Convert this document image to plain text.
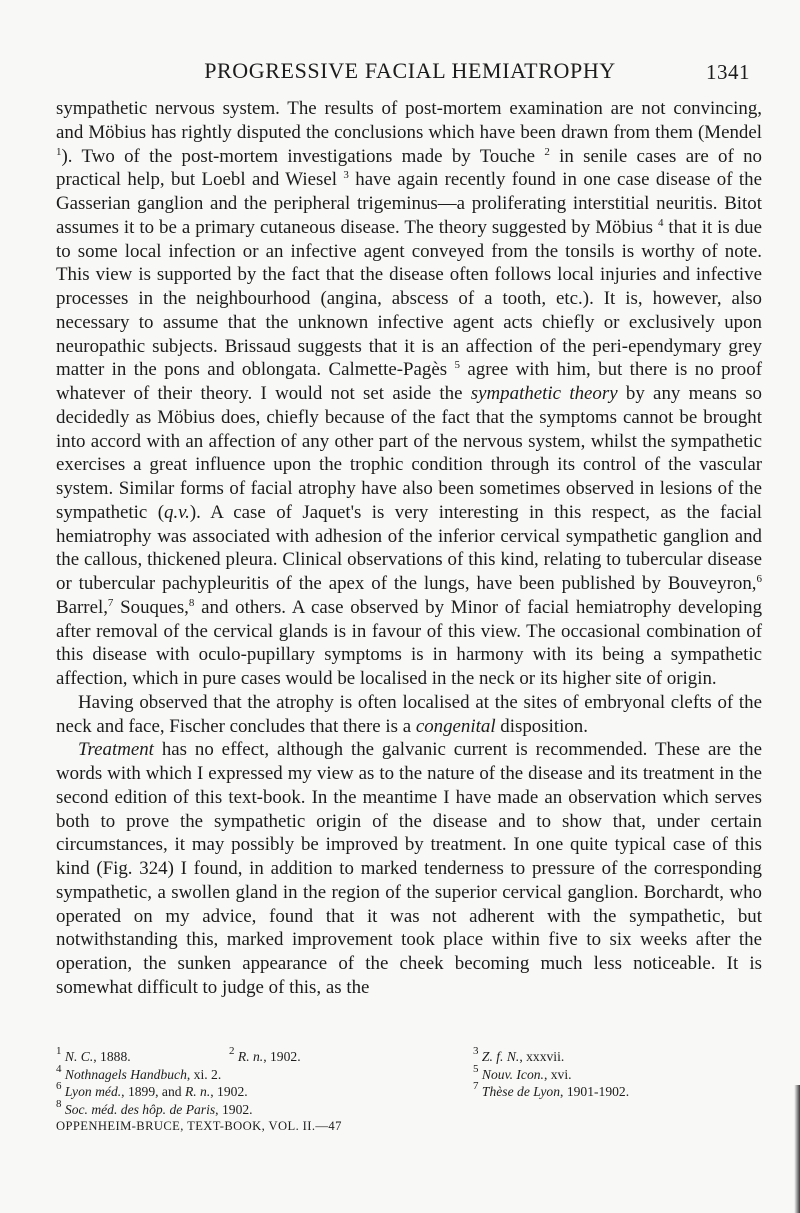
PROGRESSIVE FACIAL HEMIATROPHY	1341

sympathetic nervous system. The results of post-mortem examination are not convincing, and Möbius has rightly disputed the conclusions which have been drawn from them (Mendel $^1$). Two of the post-mortem investigations made by Touche $^2$ in senile cases are of no practical help, but Loebl and Wiesel $^3$ have again recently found in one case disease of the Gasserian ganglion and the peripheral trigeminus—a proliferating interstitial neuritis. Bitot assumes it to be a primary cutaneous disease. The theory suggested by Möbius $^4$ that it is due to some local infection or an infective agent conveyed from the tonsils is worthy of note. This view is supported by the fact that the disease often follows local injuries and infective processes in the neighbourhood (angina, abscess of a tooth, etc.). It is, however, also necessary to assume that the unknown infective agent acts chiefly or exclusively upon neuropathic subjects. Brissaud suggests that it is an affection of the peri-ependymary grey matter in the pons and oblongata. Calmette-Pagès $^5$ agree with him, but there is no proof whatever of their theory. I would not set aside the sympathetic theory by any means so decidedly as Möbius does, chiefly because of the fact that the symptoms cannot be brought into accord with an affection of any other part of the nervous system, whilst the sympathetic exercises a great influence upon the trophic condition through its control of the vascular system. Similar forms of facial atrophy have also been sometimes observed in lesions of the sympathetic (q.v.). A case of Jaquet's is very interesting in this respect, as the facial hemiatrophy was associated with adhesion of the inferior cervical sympathetic ganglion and the callous, thickened pleura. Clinical observations of this kind, relating to tubercular disease or tubercular pachypleuritis of the apex of the lungs, have been published by Bouveyron,$^6$ Barrel,$^7$ Souques,$^8$ and others. A case observed by Minor of facial hemiatrophy developing after removal of the cervical glands is in favour of this view. The occasional combination of this disease with oculo-pupillary symptoms is in harmony with its being a sympathetic affection, which in pure cases would be localised in the neck or its higher site of origin.

Having observed that the atrophy is often localised at the sites of embryonal clefts of the neck and face, Fischer concludes that there is a congenital disposition.

Treatment has no effect, although the galvanic current is recommended. These are the words with which I expressed my view as to the nature of the disease and its treatment in the second edition of this text-book. In the meantime I have made an observation which serves both to prove the sympathetic origin of the disease and to show that, under certain circumstances, it may possibly be improved by treatment. In one quite typical case of this kind (Fig. 324) I found, in addition to marked tenderness to pressure of the corresponding sympathetic, a swollen gland in the region of the superior cervical ganglion. Borchardt, who operated on my advice, found that it was not adherent with the sympathetic, but notwithstanding this, marked improvement took place within five to six weeks after the operation, the sunken appearance of the cheek becoming much less noticeable. It is somewhat difficult to judge of this, as the

$^1$ N. C., 1888.	$^2$ R. n., 1902.	$^3$ Z. f. N., xxxvii.
$^4$ Nothnagels Handbuch, xi. 2.	$^5$ Nouv. Icon., xvi.
$^6$ Lyon méd., 1899, and R. n., 1902.	$^7$ Thèse de Lyon, 1901-1902.
$^8$ Soc. méd. des hôp. de Paris, 1902.
OPPENHEIM-BRUCE, TEXT-BOOK, VOL. II.—47
